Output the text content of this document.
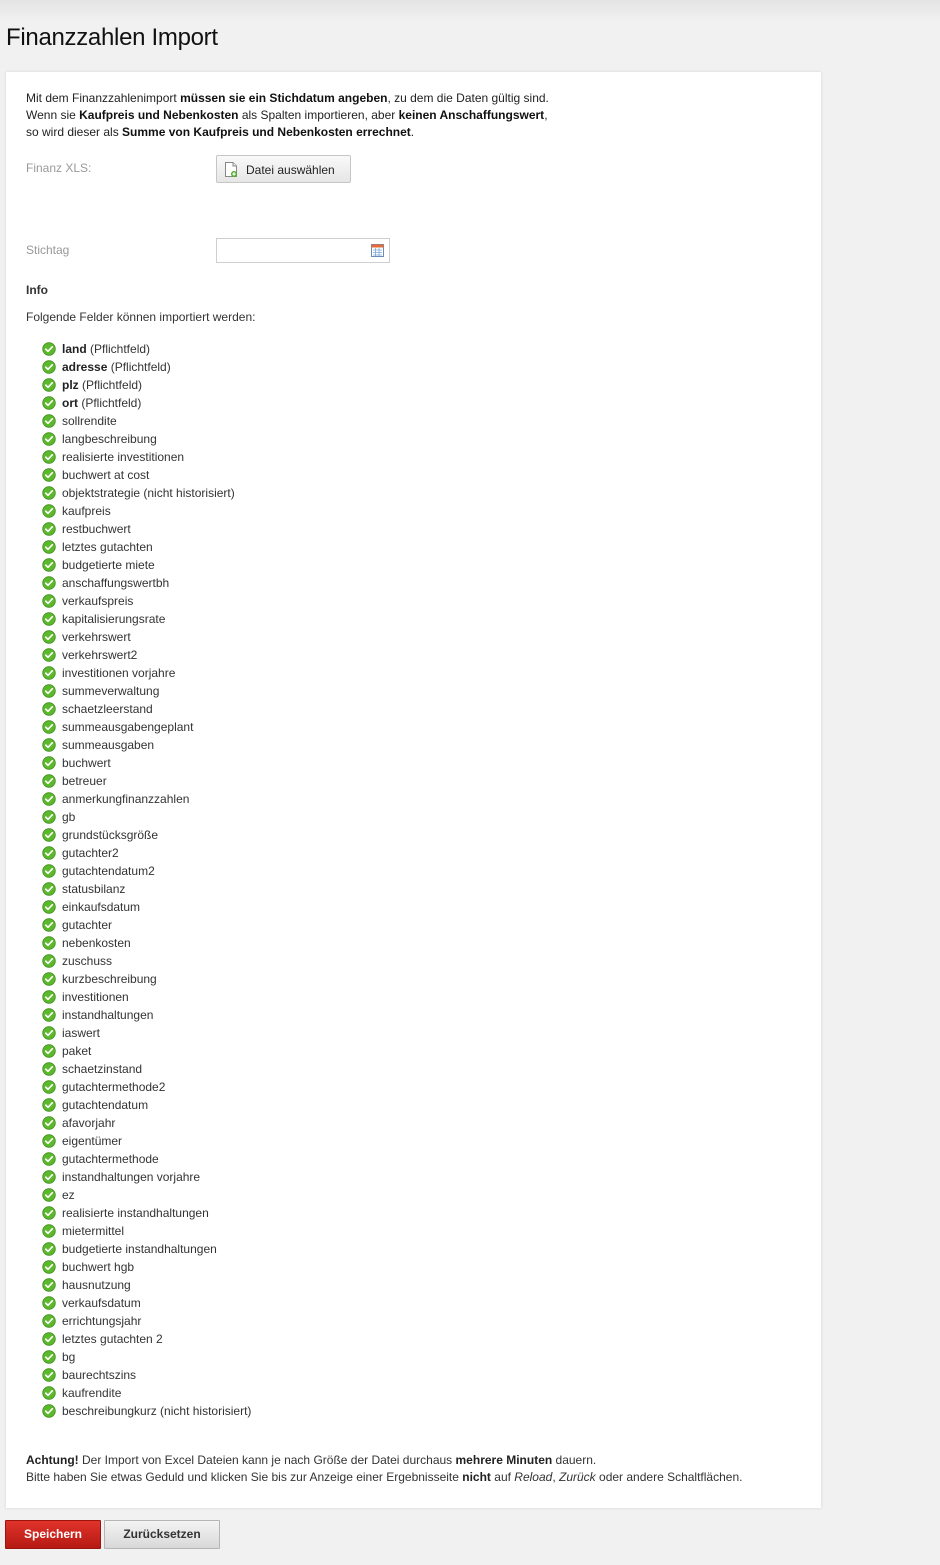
Finanzzahlen Import
Mit dem Finanzzahlenimport müssen sie ein Stichdatum angeben, zu dem die Daten gültig sind.
Wenn sie Kaufpreis und Nebenkosten als Spalten importieren, aber keinen Anschaffungswert,
so wird dieser als Summe von Kaufpreis und Nebenkosten errechnet.
Finanz XLS:	Datei auswählen
Stichtag
Info
Folgende Felder können importiert werden:
land (Pflichtfeld)
adresse (Pflichtfeld)
plz (Pflichtfeld)
ort (Pflichtfeld)
sollrendite
langbeschreibung
realisierte investitionen
buchwert at cost
objektstrategie (nicht historisiert)
kaufpreis
restbuchwert
letztes gutachten
budgetierte miete
anschaffungswertbh
verkaufspreis
kapitalisierungsrate
verkehrswert
verkehrswert2
investitionen vorjahre
summeverwaltung
schaetzleerstand
summeausgabengeplant
summeausgaben
buchwert
betreuer
anmerkungfinanzzahlen
gb
grundstücksgröße
gutachter2
gutachtendatum2
statusbilanz
einkaufsdatum
gutachter
nebenkosten
zuschuss
kurzbeschreibung
investitionen
instandhaltungen
iaswert
paket
schaetzinstand
gutachtermethode2
gutachtendatum
afavorjahr
eigentümer
gutachtermethode
instandhaltungen vorjahre
ez
realisierte instandhaltungen
mietermittel
budgetierte instandhaltungen
buchwert hgb
hausnutzung
verkaufsdatum
errichtungsjahr
letztes gutachten 2
bg
baurechtszins
kaufrendite
beschreibungkurz (nicht historisiert)
Achtung! Der Import von Excel Dateien kann je nach Größe der Datei durchaus mehrere Minuten dauern.
Bitte haben Sie etwas Geduld und klicken Sie bis zur Anzeige einer Ergebnisseite nicht auf Reload, Zurück oder andere Schaltflächen.
Speichern	Zurücksetzen
